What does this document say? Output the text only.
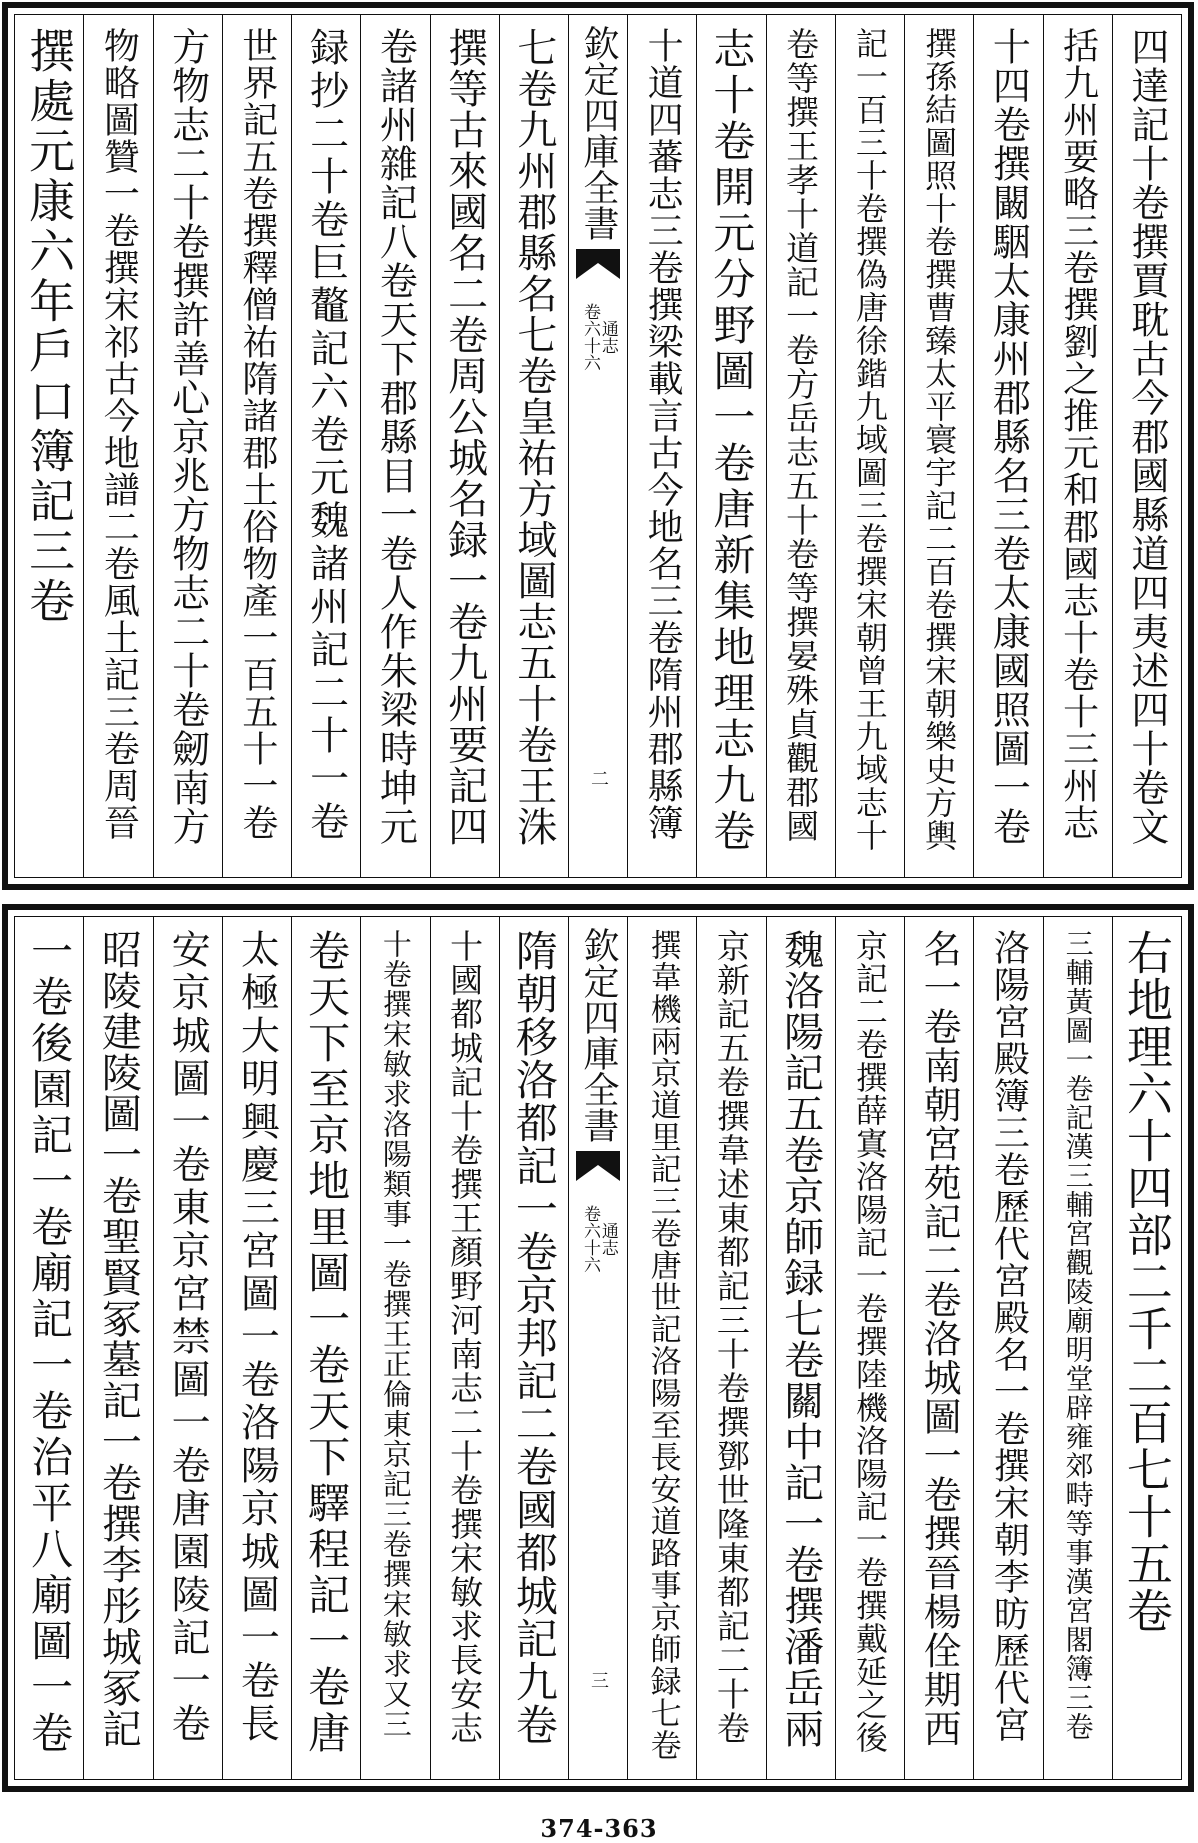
四達記十卷撰賈耽古今郡國縣道四夷述四十卷文
括九州要略三卷撰劉之推元和郡國志十卷十三州志
十四卷撰闞駰太康州郡縣名三卷太康國照圖一卷
撰孫結圖照十卷撰曹臻太平寰宇記二百卷撰宋朝樂史方輿
記一百三十卷撰偽唐徐鍇九域圖三卷撰宋朝曾王九域志十
卷等撰王孝十道記一卷方岳志五十卷等撰晏殊貞觀郡國
志十卷開元分野圖一卷唐新集地理志九卷
十道四蕃志三卷撰梁載言古今地名三卷隋州郡縣簿
欽定四庫全書
通志
卷六十六
二
七卷九州郡縣名七卷皇祐方域圖志五十卷王洙
撰等古來國名二卷周公城名録一卷九州要記四
卷諸州雜記八卷天下郡縣目一卷人作朱梁時坤元
録抄二十卷巨鼇記六卷元魏諸州記二十一卷
世界記五卷撰釋僧祐隋諸郡土俗物產一百五十一卷
方物志二十卷撰許善心京兆方物志二十卷劒南方
物略圖贊一卷撰宋祁古今地譜二卷風土記三卷周晉
撰處元康六年戶口簿記三卷
右地理六十四部二千二百七十五卷
三輔黃圖一卷記漢三輔宮觀陵廟明堂辟雍郊畤等事漢宮閣簿三卷
洛陽宮殿簿三卷歷代宮殿名一卷撰宋朝李昉歷代宮
名一卷南朝宮苑記二卷洛城圖一卷撰晉楊佺期西
京記二卷撰薛寘洛陽記一卷撰陸機洛陽記一卷撰戴延之後
魏洛陽記五卷京師録七卷關中記一卷撰潘岳兩
京新記五卷撰韋述東都記三十卷撰鄧世隆東都記二十卷
撰韋機兩京道里記三卷唐世記洛陽至長安道路事京師録七卷
欽定四庫全書
通志
卷六十六
三
隋朝移洛都記一卷京邦記二卷國都城記九卷
十國都城記十卷撰王顏野河南志二十卷撰宋敏求長安志
十卷撰宋敏求洛陽類事一卷撰王正倫東京記三卷撰宋敏求又三
卷天下至京地里圖一卷天下驛程記一卷唐
太極大明興慶三宮圖一卷洛陽京城圖一卷長
安京城圖一卷東京宮禁圖一卷唐園陵記一卷
昭陵建陵圖一卷聖賢冢墓記一卷撰李彤城冢記
一卷後園記一卷廟記一卷治平八廟圖一卷
374-363
